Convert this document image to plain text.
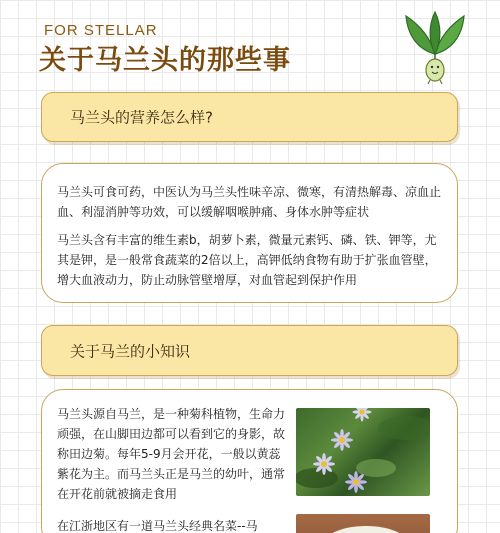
FOR STELLAR
关于马兰头的那些事
马兰头的营养怎么样?
马兰头可食可药，中医认为马兰头性味辛凉、微寒，有清热解毒、凉血止血、利湿消肿等功效，可以缓解咽喉肿痛、身体水肿等症状
马兰头含有丰富的维生素b，胡萝卜素，微量元素钙、磷、铁、钾等，尤其是钾，是一般常食蔬菜的2倍以上，高钾低纳食物有助于扩张血管壁，增大血液动力，防止动脉管壁增厚，对血管起到保护作用
关于马兰的小知识
马兰头源自马兰，是一种菊科植物，生命力顽强，在山脚田边都可以看到它的身影，故称田边菊。每年5-9月会开花，一般以黄蕊紫花为主。而马兰头正是马兰的幼叶，通常在开花前就被摘走食用
在江浙地区有一道马兰头经典名菜--马
